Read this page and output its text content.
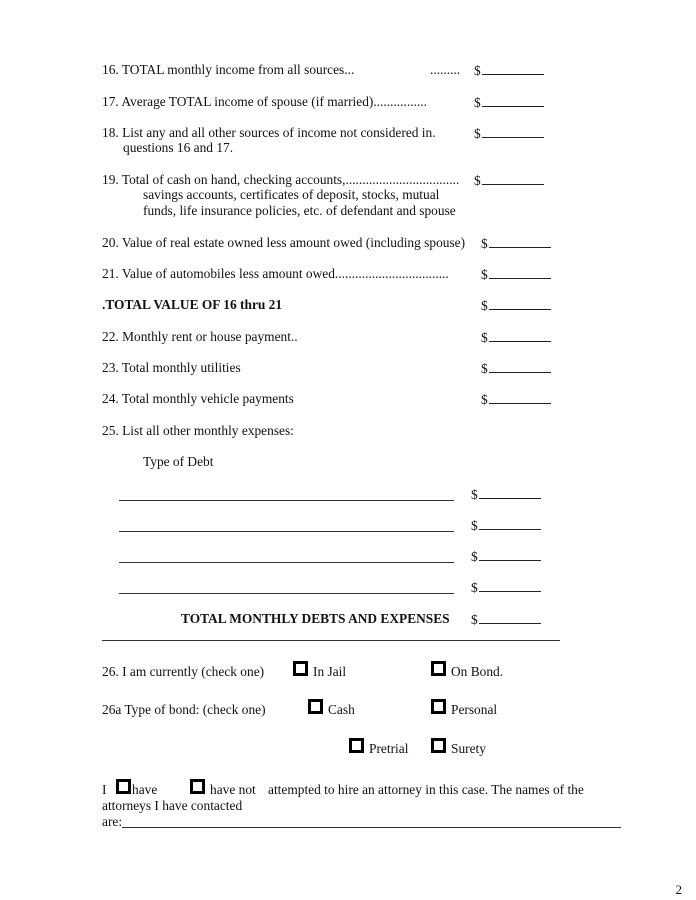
16. TOTAL monthly income from all sources...	......... $
17. Average TOTAL income of spouse (if married)................	$
18. List any and all other sources of income not considered in.
questions 16 and 17.
$
19. Total of cash on hand, checking accounts,..................................
savings accounts, certificates of deposit, stocks, mutual
funds, life insurance policies, etc. of defendant and spouse
$
20. Value of real estate owned less amount owed (including spouse) $
21. Value of automobiles less amount owed.................................. $
.TOTAL VALUE OF 16 thru 21	$
22. Monthly rent or house payment..	$
23. Total monthly utilities	$
24. Total monthly vehicle payments	$
25. List all other monthly expenses:
Type of Debt
$
$
$
$
TOTAL MONTHLY DEBTS AND EXPENSES $
26. I am currently (check one)	In Jail	On Bond.
26a Type of bond: (check one)	Cash	Personal
Pretrial	Surety
I have	have not attempted to hire an attorney in this case. The names of the
attorneys I have contacted
are:
2
